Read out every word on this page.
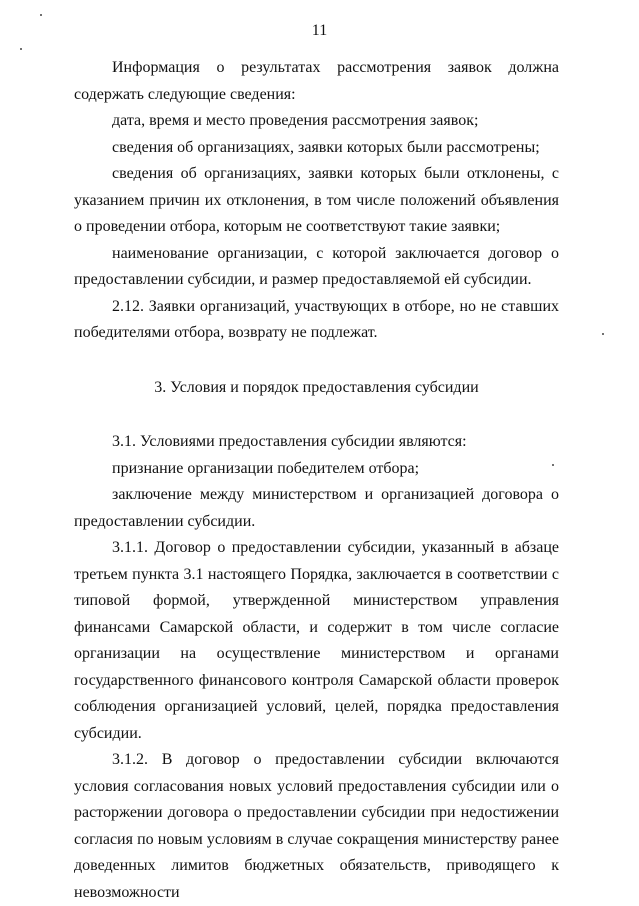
11

Информация о результатах рассмотрения заявок должна содержать следующие сведения:

дата, время и место проведения рассмотрения заявок;

сведения об организациях, заявки которых были рассмотрены;

сведения об организациях, заявки которых были отклонены, с указанием причин их отклонения, в том числе положений объявления о проведении отбора, которым не соответствуют такие заявки;

наименование организации, с которой заключается договор о предоставлении субсидии, и размер предоставляемой ей субсидии.

2.12. Заявки организаций, участвующих в отборе, но не ставших победителями отбора, возврату не подлежат.

3. Условия и порядок предоставления субсидии

3.1. Условиями предоставления субсидии являются:

признание организации победителем отбора;

заключение между министерством и организацией договора о предоставлении субсидии.

3.1.1. Договор о предоставлении субсидии, указанный в абзаце третьем пункта 3.1 настоящего Порядка, заключается в соответствии с типовой формой, утвержденной министерством управления финансами Самарской области, и содержит в том числе согласие организации на осуществление министерством и органами государственного финансового контроля Самарской области проверок соблюдения организацией условий, целей, порядка предоставления субсидии.

3.1.2. В договор о предоставлении субсидии включаются условия согласования новых условий предоставления субсидии или о расторжении договора о предоставлении субсидии при недостижении согласия по новым условиям в случае сокращения министерству ранее доведенных лимитов бюджетных обязательств, приводящего к невозможности
